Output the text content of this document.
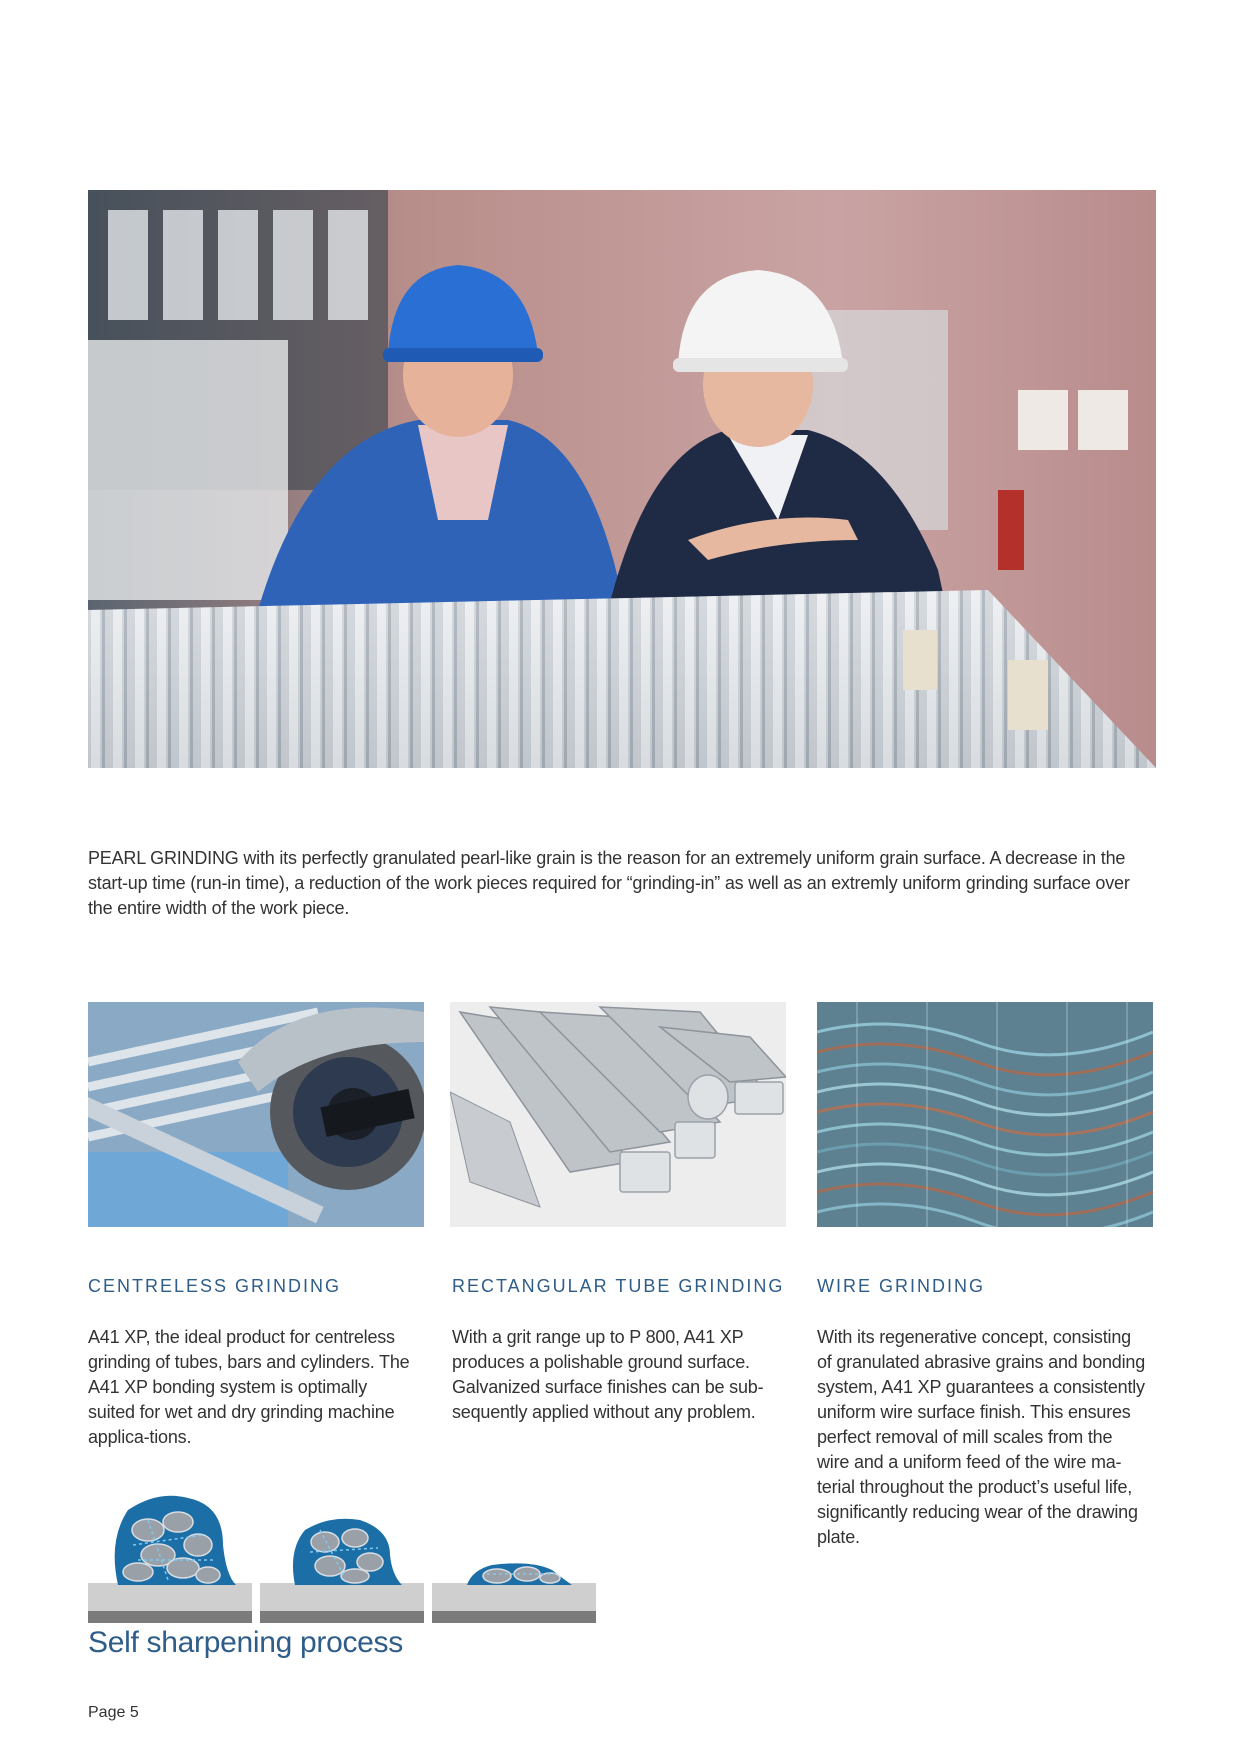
PEARL GRINDING with its perfectly granulated pearl-like grain is the reason for an extremely uniform grain surface. A decrease in the start-up time (run-in time), a reduction of the work pieces required for “grinding-in” as well as an extremly uniform grinding surface over the entire width of the work piece.
CENTRELESS GRINDING	RECTANGULAR TUBE GRINDING WIRE GRINDING
A41 XP, the ideal product for centreless grinding of tubes, bars and cylinders. The A41 XP bonding system is optimally suited for wet and dry grinding machine applica-tions.
With a grit range up to P 800, A41 XP produces a polishable ground surface. Galvanized surface finishes can be sub-sequently applied without any problem.
With its regenerative concept, consisting of granulated abrasive grains and bonding system, A41 XP guarantees a consistently uniform wire surface finish. This ensures perfect removal of mill scales from the wire and a uniform feed of the wire ma-terial throughout the product’s useful life, significantly reducing wear of the drawing plate.
Self sharpening process
Page 5
